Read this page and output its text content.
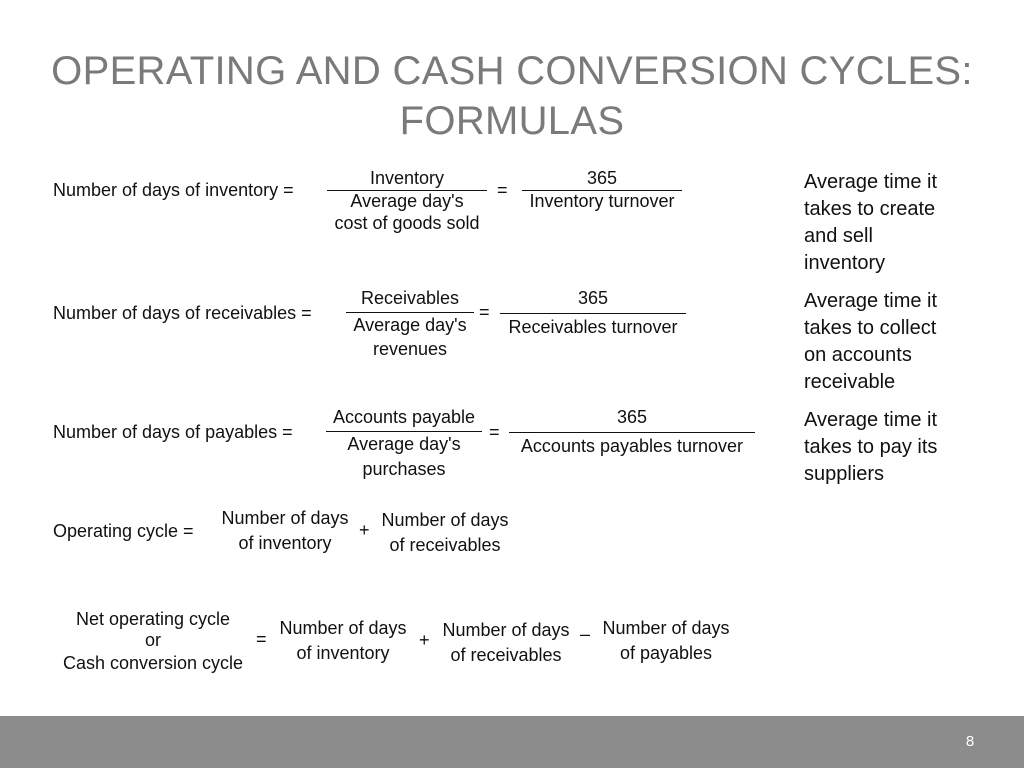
OPERATING AND CASH CONVERSION CYCLES:
FORMULAS
Number of days of inventory =
Inventory
Average day's
cost of goods sold
=
365
Inventory turnover
Average time it
takes to create
and sell
inventory
Number of days of receivables =
Receivables
Average day's
revenues
=
365
Receivables turnover
Average time it
takes to collect
on accounts
receivable
Number of days of payables =
Accounts payable
Average day's
purchases
=
365
Accounts payables turnover
Average time it
takes to pay its
suppliers
Operating cycle =
Number of days
of inventory
+ Number of days
of receivables
Net operating cycle
or
Cash conversion cycle
=
Number of days
of inventory
+ Number of days
of receivables
– Number of days
of payables
8
